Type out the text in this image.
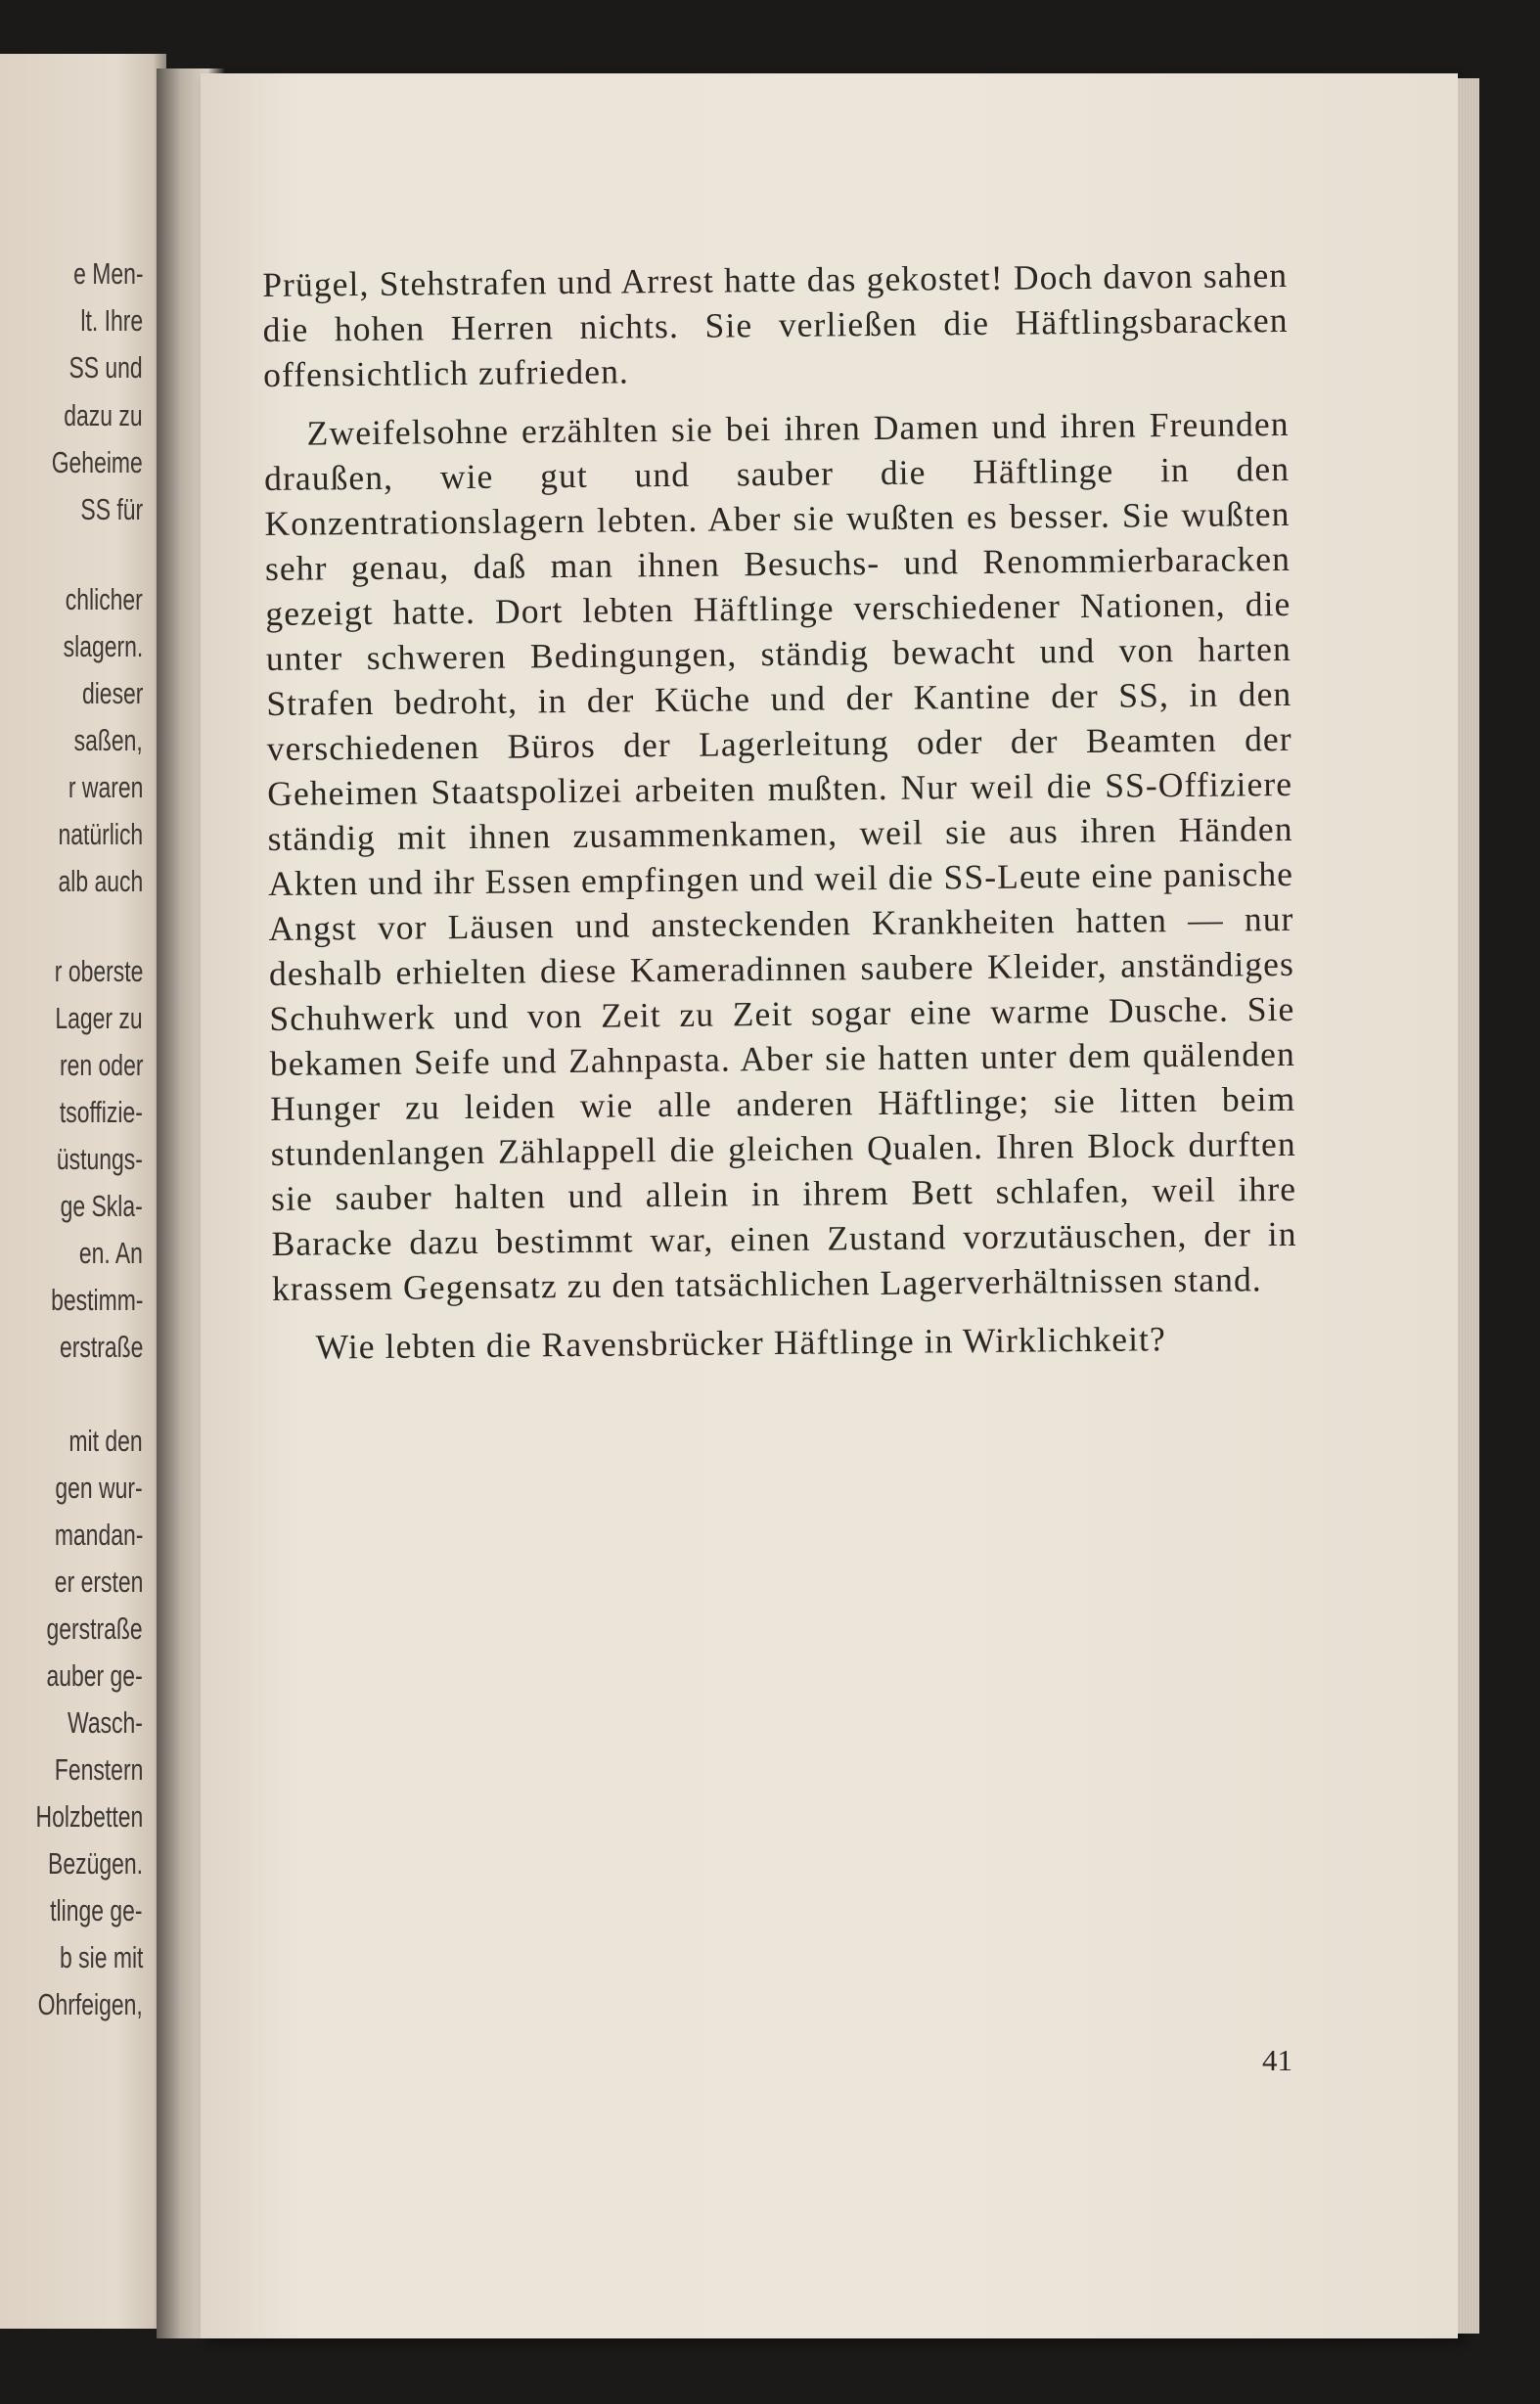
e Men-
lt. Ihre
SS und
dazu zu
Geheime
SS für
chlicher
slagern.
dieser
saßen,
r waren
natürlich
alb auch
r oberste
Lager zu
ren oder
tsoffizie-
üstungs-
ge Skla-
en. An
bestimm-
erstraße
mit den
gen wur-
mandan-
er ersten
gerstraße
auber ge-
Wasch-
Fenstern
Holzbetten
Bezügen.
tlinge ge-
b sie mit
Ohrfeigen,

Prügel, Stehstrafen und Arrest hatte das gekostet! Doch davon sahen die hohen Herren nichts. Sie verließen die Häftlingsbaracken offensichtlich zufrieden.

Zweifelsohne erzählten sie bei ihren Damen und ihren Freunden draußen, wie gut und sauber die Häftlinge in den Konzentrationslagern lebten. Aber sie wußten es besser. Sie wußten sehr genau, daß man ihnen Besuchs- und Renommierbaracken gezeigt hatte. Dort lebten Häftlinge verschiedener Nationen, die unter schweren Bedingungen, ständig bewacht und von harten Strafen bedroht, in der Küche und der Kantine der SS, in den verschiedenen Büros der Lagerleitung oder der Beamten der Geheimen Staatspolizei arbeiten mußten. Nur weil die SS-Offiziere ständig mit ihnen zusammenkamen, weil sie aus ihren Händen Akten und ihr Essen empfingen und weil die SS-Leute eine panische Angst vor Läusen und ansteckenden Krankheiten hatten — nur deshalb erhielten diese Kameradinnen saubere Kleider, anständiges Schuhwerk und von Zeit zu Zeit sogar eine warme Dusche. Sie bekamen Seife und Zahnpasta. Aber sie hatten unter dem quälenden Hunger zu leiden wie alle anderen Häftlinge; sie litten beim stundenlangen Zählappell die gleichen Qualen. Ihren Block durften sie sauber halten und allein in ihrem Bett schlafen, weil ihre Baracke dazu bestimmt war, einen Zustand vorzutäuschen, der in krassem Gegensatz zu den tatsächlichen Lagerverhältnissen stand.

Wie lebten die Ravensbrücker Häftlinge in Wirklichkeit?

41
